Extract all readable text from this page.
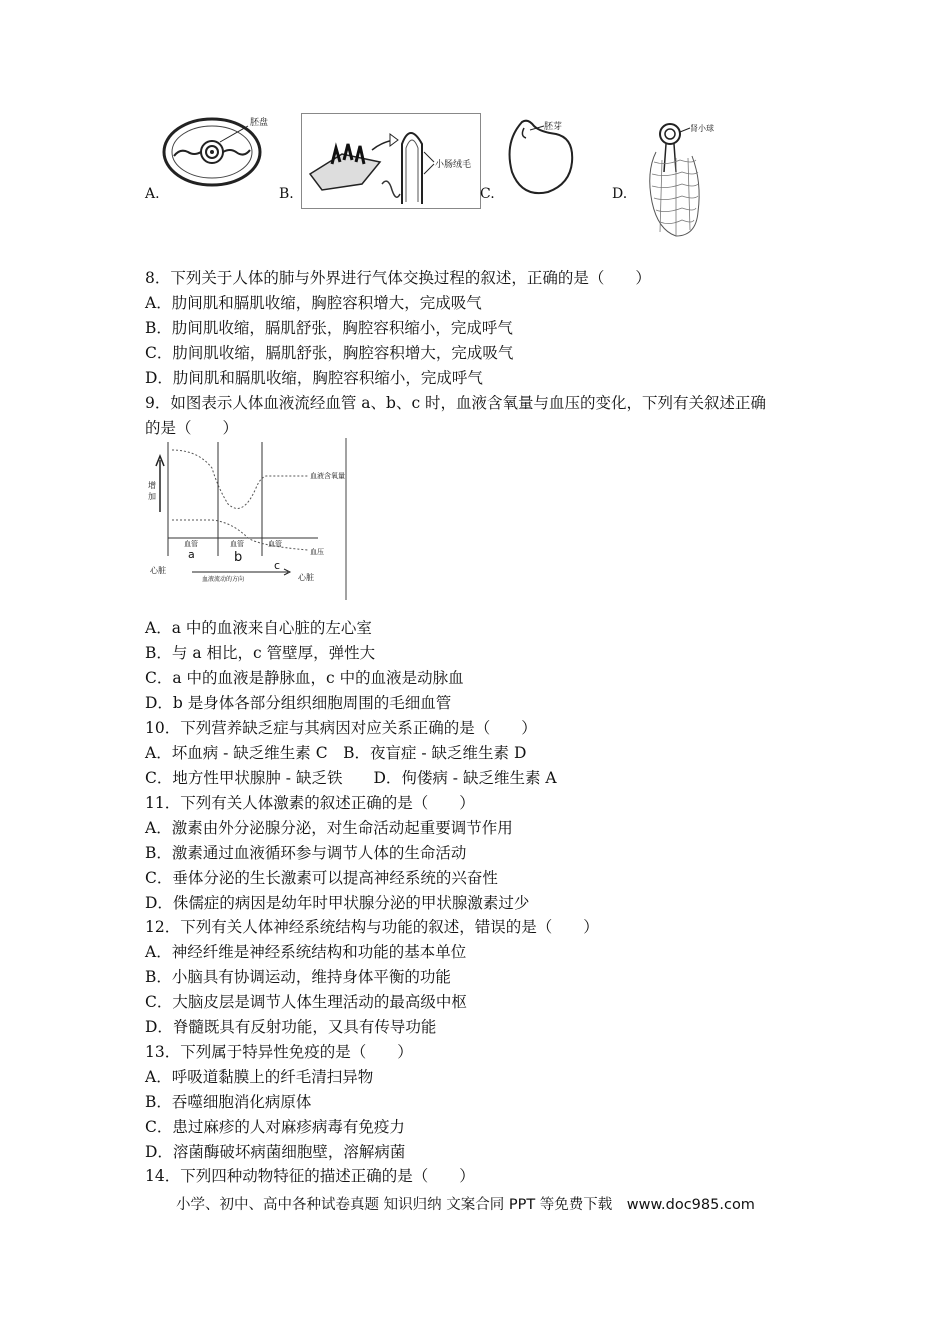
胚盘
A.
小肠绒毛
B.
胚芽
C.
肾小球
D.
8．下列关于人体的肺与外界进行气体交换过程的叙述，正确的是（　　）
A．肋间肌和膈肌收缩，胸腔容积增大，完成吸气
B．肋间肌收缩，膈肌舒张，胸腔容积缩小，完成呼气
C．肋间肌收缩，膈肌舒张，胸腔容积增大，完成吸气
D．肋间肌和膈肌收缩，胸腔容积缩小，完成呼气
9．如图表示人体血液流经血管 a、b、c 时，血液含氧量与血压的变化，下列有关叙述正确
的是（　　）
增加
血液含氧量
血压
血管
a
血管
b
血管
c
心脏
血液流动的方向	心脏
A．a 中的血液来自心脏的左心室
B．与 a 相比，c 管壁厚，弹性大
C．a 中的血液是静脉血，c 中的血液是动脉血
D．b 是身体各部分组织细胞周围的毛细血管
10．下列营养缺乏症与其病因对应关系正确的是（　　）
A．坏血病 - 缺乏维生素 C　B．夜盲症 - 缺乏维生素 D
C．地方性甲状腺肿 - 缺乏铁　　D．佝偻病 - 缺乏维生素 A
11．下列有关人体激素的叙述正确的是（　　）
A．激素由外分泌腺分泌，对生命活动起重要调节作用
B．激素通过血液循环参与调节人体的生命活动
C．垂体分泌的生长激素可以提高神经系统的兴奋性
D．侏儒症的病因是幼年时甲状腺分泌的甲状腺激素过少
12．下列有关人体神经系统结构与功能的叙述，错误的是（　　）
A．神经纤维是神经系统结构和功能的基本单位
B．小脑具有协调运动，维持身体平衡的功能
C．大脑皮层是调节人体生理活动的最高级中枢
D．脊髓既具有反射功能，又具有传导功能
13．下列属于特异性免疫的是（　　）
A．呼吸道黏膜上的纤毛清扫异物
B．吞噬细胞消化病原体
C．患过麻疹的人对麻疹病毒有免疫力
D．溶菌酶破坏病菌细胞壁，溶解病菌
14．下列四种动物特征的描述正确的是（　　）
小学、初中、高中各种试卷真题 知识归纳 文案合同 PPT 等免费下载　www.doc985.com
